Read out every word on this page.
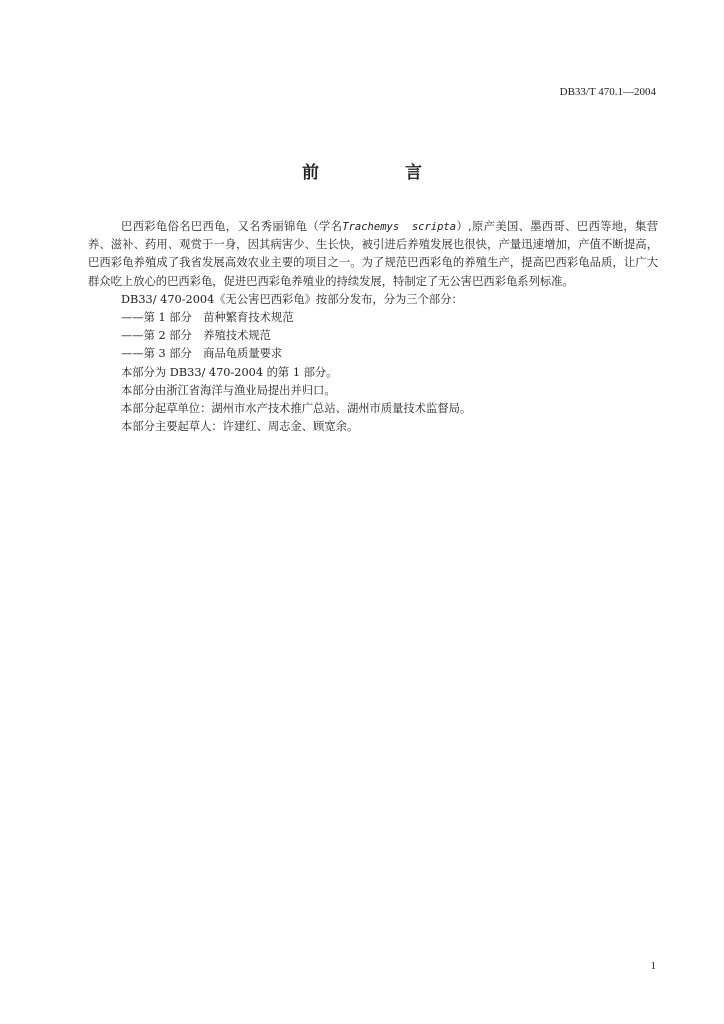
DB33/T 470.1—2004
前 言

巴西彩龟俗名巴西龟，又名秀丽锦龟（学名Trachemys scripta）,原产美国、墨西哥、巴西等地，集营养、滋补、药用、观赏于一身，因其病害少、生长快，被引进后养殖发展也很快，产量迅速增加，产值不断提高，巴西彩龟养殖成了我省发展高效农业主要的项目之一。为了规范巴西彩龟的养殖生产，提高巴西彩龟品质，让广大群众吃上放心的巴西彩龟，促进巴西彩龟养殖业的持续发展，特制定了无公害巴西彩龟系列标准。

DB33/ 470-2004《无公害巴西彩龟》按部分发布，分为三个部分：

——第 1 部分　苗种繁育技术规范

——第 2 部分　养殖技术规范

——第 3 部分　商品龟质量要求

本部分为 DB33/ 470-2004 的第 1 部分。

本部分由浙江省海洋与渔业局提出并归口。

本部分起草单位：湖州市水产技术推广总站、湖州市质量技术监督局。

本部分主要起草人：许建红、周志金、顾宽余。

1
